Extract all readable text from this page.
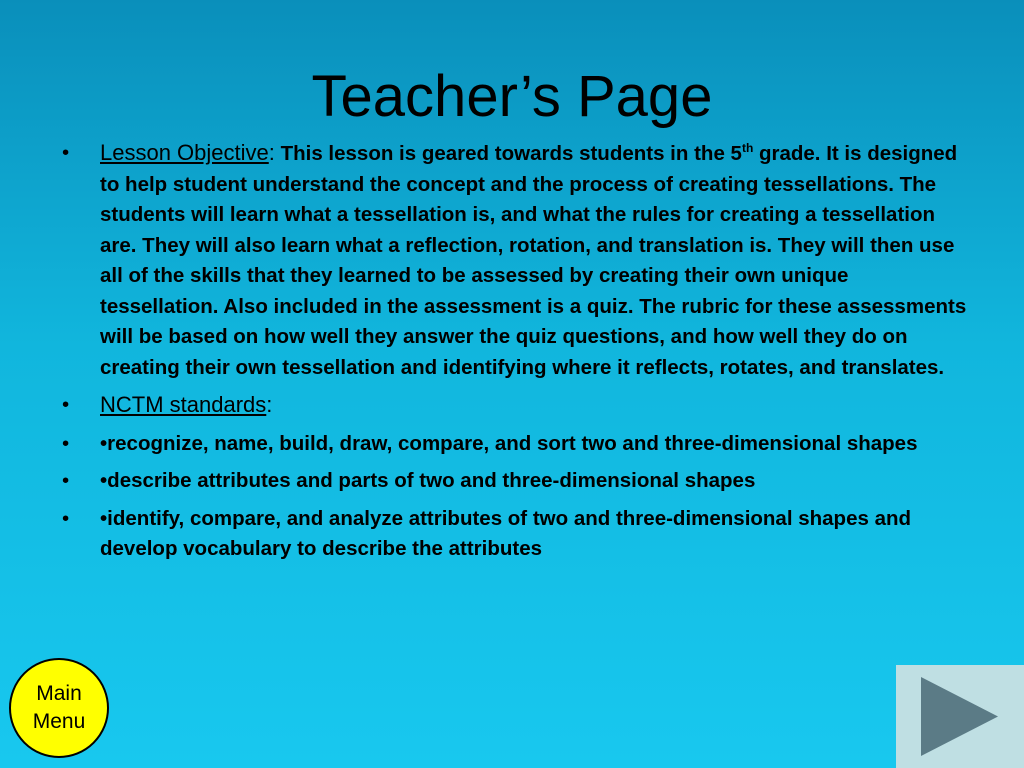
Teacher’s Page
• Lesson Objective: This lesson is geared towards students in the 5th grade. It is designed to help student understand the concept and the process of creating tessellations. The students will learn what a tessellation is, and what the rules for creating a tessellation are. They will also learn what a reflection, rotation, and translation is. They will then use all of the skills that they learned to be assessed by creating their own unique tessellation. Also included in the assessment is a quiz. The rubric for these assessments will be based on how well they answer the quiz questions, and how well they do on creating their own tessellation and identifying where it reflects, rotates, and translates.
• NCTM standards:
• •recognize, name, build, draw, compare, and sort two and three-dimensional shapes
• •describe attributes and parts of two and three-dimensional shapes
• •identify, compare, and analyze attributes of two and three-dimensional shapes and develop vocabulary to describe the attributes
Main
Menu
